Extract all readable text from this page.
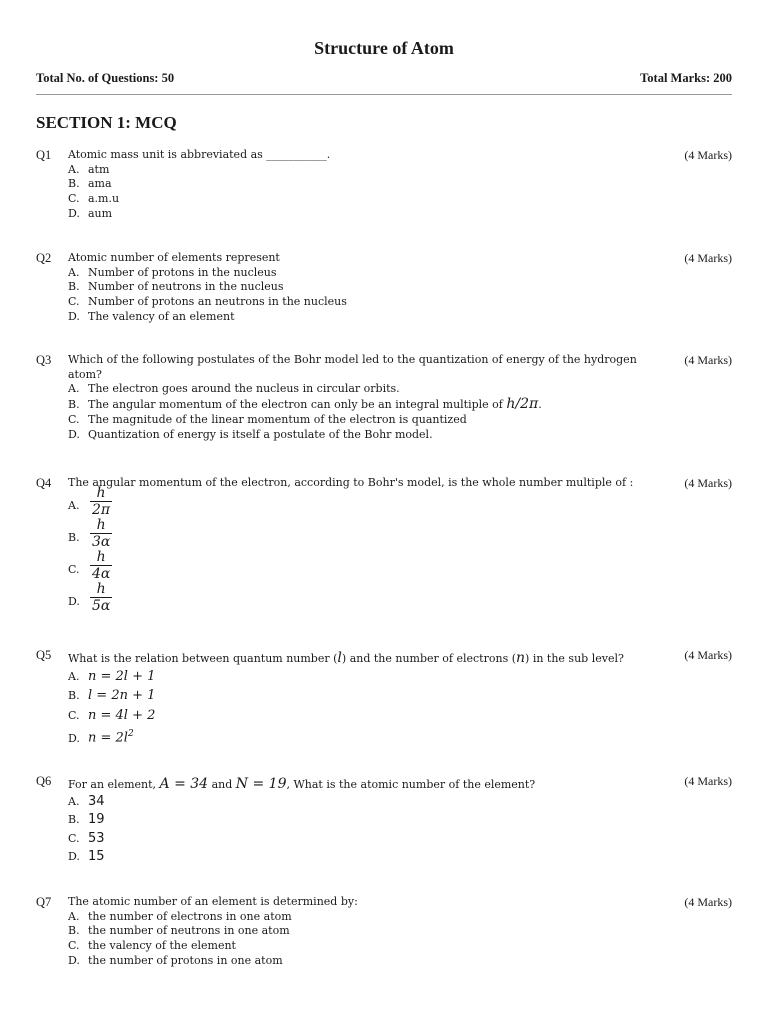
Structure of Atom
Total No. of Questions: 50	Total Marks: 200
SECTION 1: MCQ
Q1	(4 Marks)
Atomic mass unit is abbreviated as ___________.
A. atm
B. ama
C. a.m.u
D. aum
Q2	(4 Marks)
Atomic number of elements represent
A. Number of protons in the nucleus
B. Number of neutrons in the nucleus
C. Number of protons an neutrons in the nucleus
D. The valency of an element
Q3	(4 Marks)
Which of the following postulates of the Bohr model led to the quantization of energy of the hydrogen atom?
A. The electron goes around the nucleus in circular orbits.
B. The angular momentum of the electron can only be an integral multiple of h/2π.
C. The magnitude of the linear momentum of the electron is quantized
D. Quantization of energy is itself a postulate of the Bohr model.
Q4	(4 Marks)
The angular momentum of the electron, according to Bohr's model, is the whole number multiple of :
A. $\frac{h}{2\pi}$
B. $\frac{h}{3\alpha}$
C. $\frac{h}{4\alpha}$
D. $\frac{h}{5\alpha}$
Q5	(4 Marks)
What is the relation between quantum number (l) and the number of electrons (n) in the sub level?
A. n = 2l + 1
B. l = 2n + 1
C. n = 4l + 2
D. $n = 2l^2$
Q6	(4 Marks)
For an element, A = 34 and N = 19, What is the atomic number of the element?
A. 34
B. 19
C. 53
D. 15
Q7	(4 Marks)
The atomic number of an element is determined by:
A. the number of electrons in one atom
B. the number of neutrons in one atom
C. the valency of the element
D. the number of protons in one atom
